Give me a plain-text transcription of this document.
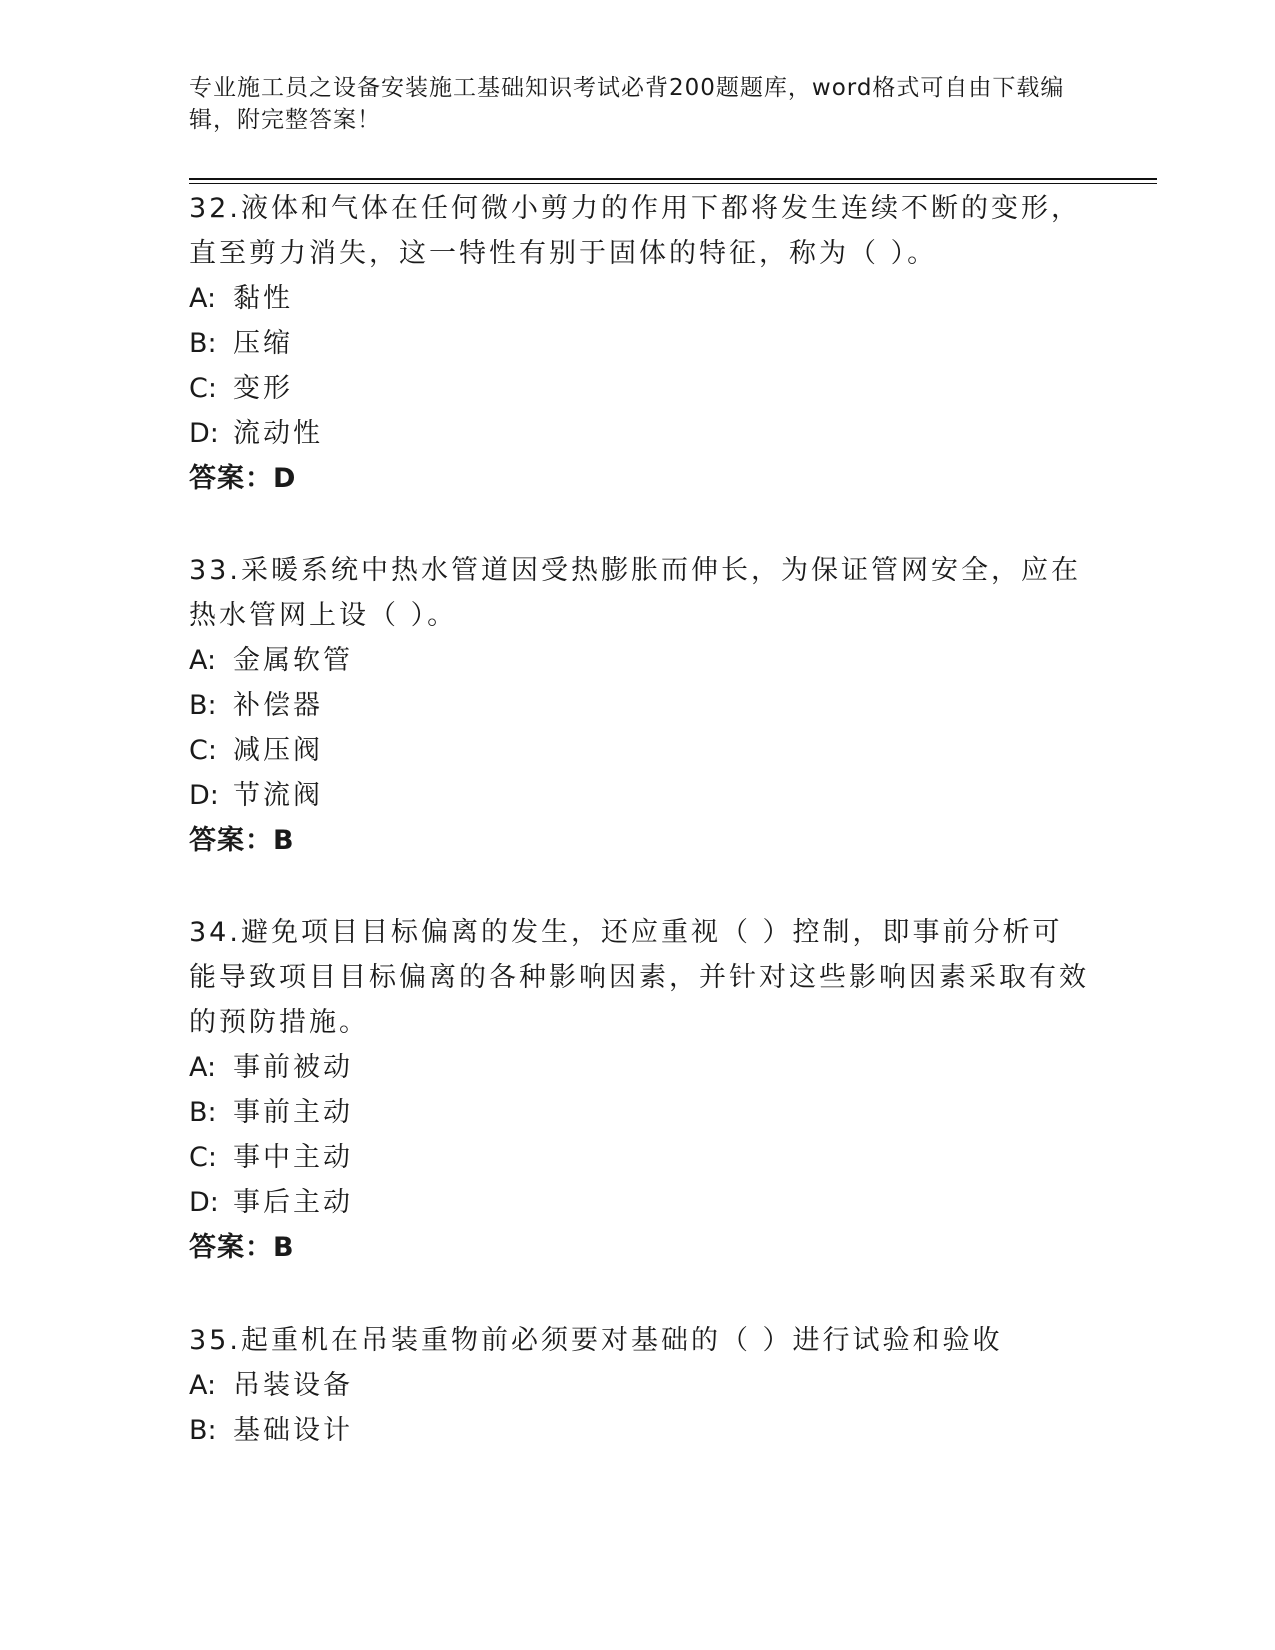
专业施工员之设备安装施工基础知识考试必背200题题库，word格式可自由下载编辑，附完整答案！

32.液体和气体在任何微小剪力的作用下都将发生连续不断的变形，直至剪力消失，这一特性有别于固体的特征，称为（ ）。

A: 黏性

B: 压缩

C: 变形

D: 流动性

答案：D

33.采暖系统中热水管道因受热膨胀而伸长，为保证管网安全，应在热水管网上设（ ）。

A: 金属软管

B: 补偿器

C: 减压阀

D: 节流阀

答案：B

34.避免项目目标偏离的发生，还应重视（ ）控制，即事前分析可能导致项目目标偏离的各种影响因素，并针对这些影响因素采取有效的预防措施。

A: 事前被动

B: 事前主动

C: 事中主动

D: 事后主动

答案：B

35.起重机在吊装重物前必须要对基础的（ ）进行试验和验收

A: 吊装设备

B: 基础设计
